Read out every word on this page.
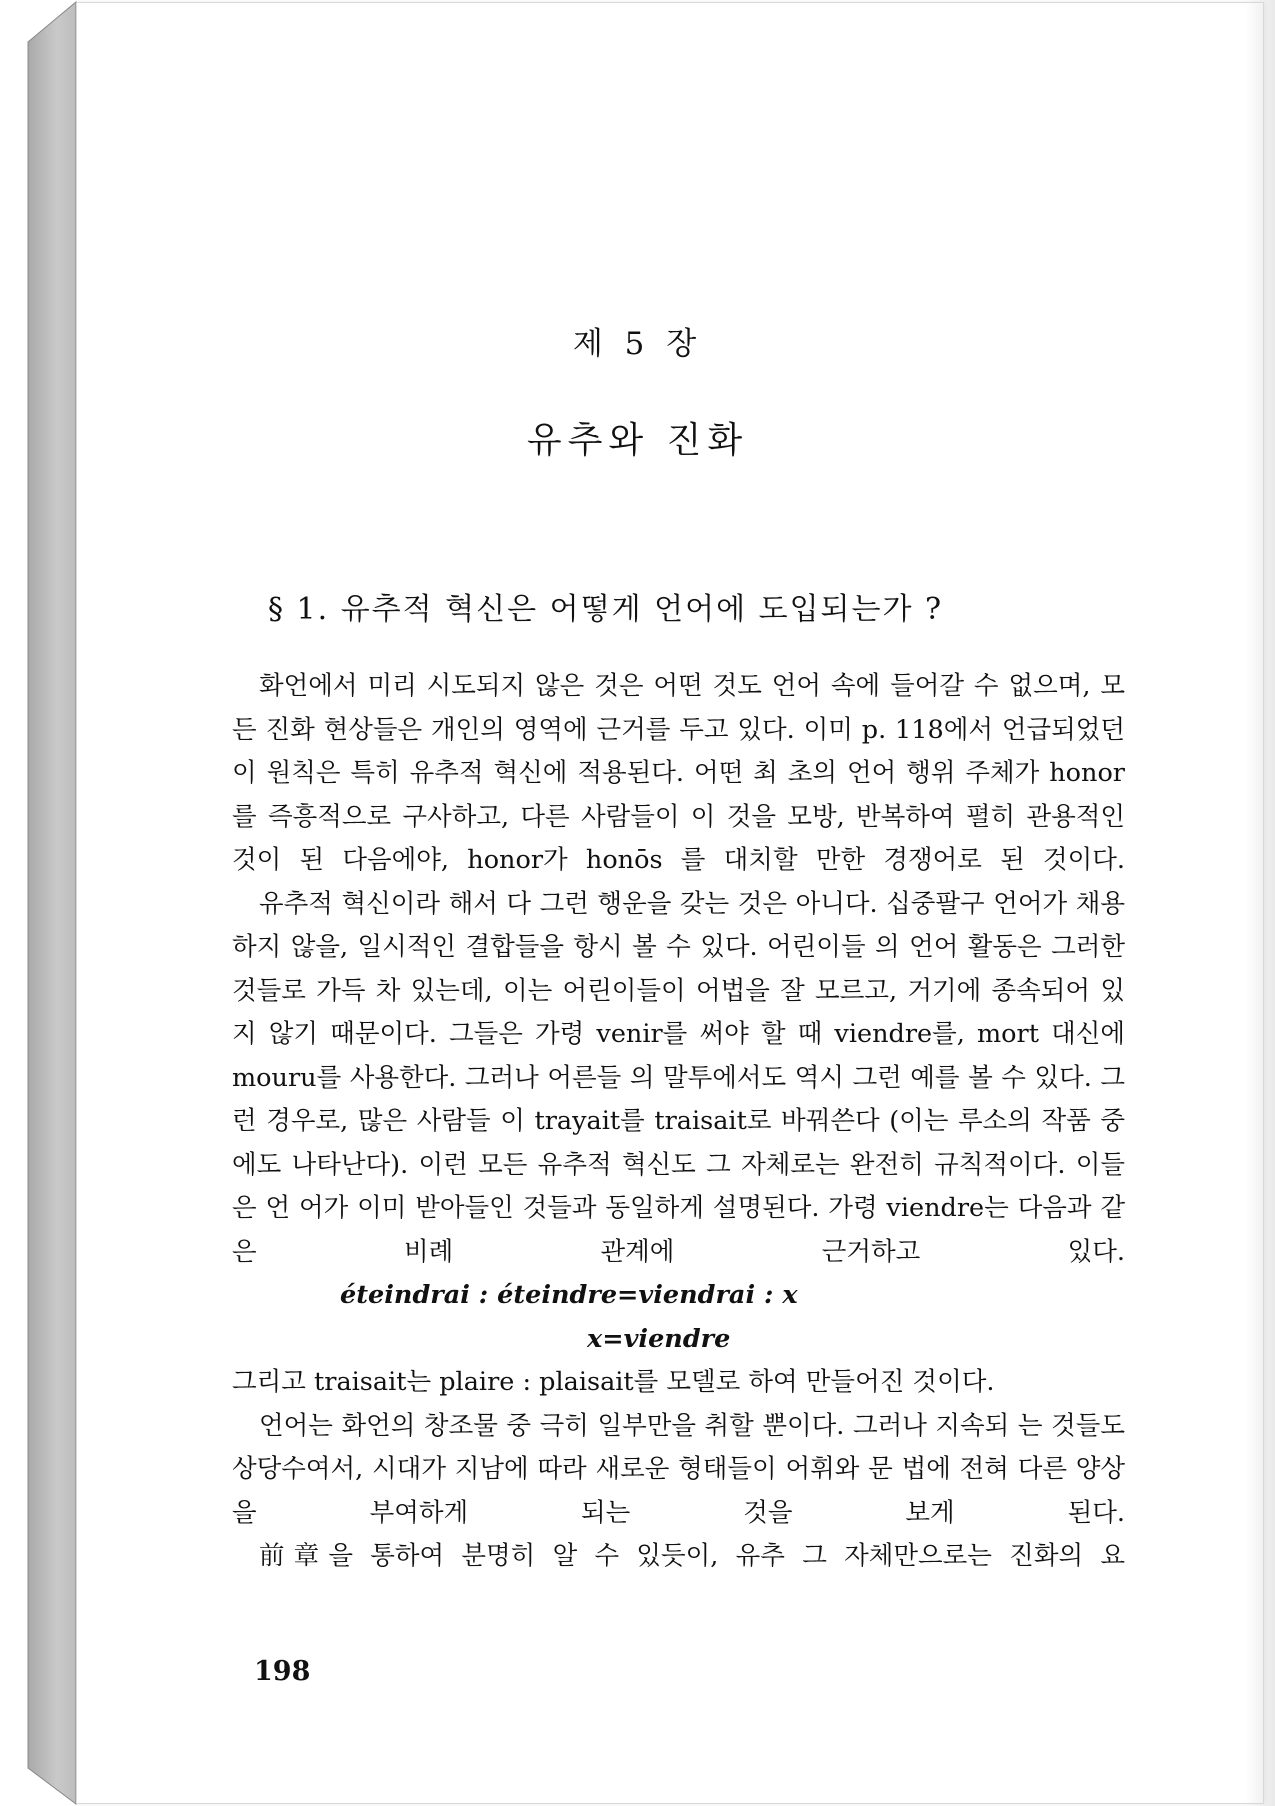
제 5 장
유추와 진화
§ 1. 유추적 혁신은 어떻게 언어에 도입되는가 ?

화언에서 미리 시도되지 않은 것은 어떤 것도 언어 속에 들어갈 수 없으며, 모든 진화 현상들은 개인의 영역에 근거를 두고 있다. 이미 p. 118에서 언급되었던 이 원칙은 특히 유추적 혁신에 적용된다. 어떤 최 초의 언어 행위 주체가 honor를 즉흥적으로 구사하고, 다른 사람들이 이 것을 모방, 반복하여 펼히 관용적인 것이 된 다음에야, honor가 honōs 를 대치할 만한 경쟁어로 된 것이다.

유추적 혁신이라 해서 다 그런 행운을 갖는 것은 아니다. 십중팔구 언어가 채용하지 않을, 일시적인 결합들을 항시 볼 수 있다. 어린이들 의 언어 활동은 그러한 것들로 가득 차 있는데, 이는 어린이들이 어법을 잘 모르고, 거기에 종속되어 있지 않기 때문이다. 그들은 가령 venir를 써야 할 때 viendre를, mort 대신에 mouru를 사용한다. 그러나 어른들 의 말투에서도 역시 그런 예를 볼 수 있다. 그런 경우로, 많은 사람들 이 trayait를 traisait로 바꿔쓴다 (이는 루소의 작품 중에도 나타난다). 이런 모든 유추적 혁신도 그 자체로는 완전히 규칙적이다. 이들은 언 어가 이미 받아들인 것들과 동일하게 설명된다. 가령 viendre는 다음과 같은 비례 관계에 근거하고 있다.

éteindrai : éteindre=viendrai : x
x=viendre

그리고 traisait는 plaire : plaisait를 모델로 하여 만들어진 것이다.

언어는 화언의 창조물 중 극히 일부만을 취할 뿐이다. 그러나 지속되 는 것들도 상당수여서, 시대가 지남에 따라 새로운 형태들이 어휘와 문 법에 전혀 다른 양상을 부여하게 되는 것을 보게 된다.

前章을 통하여 분명히 알 수 있듯이, 유추 그 자체만으로는 진화의 요

198
